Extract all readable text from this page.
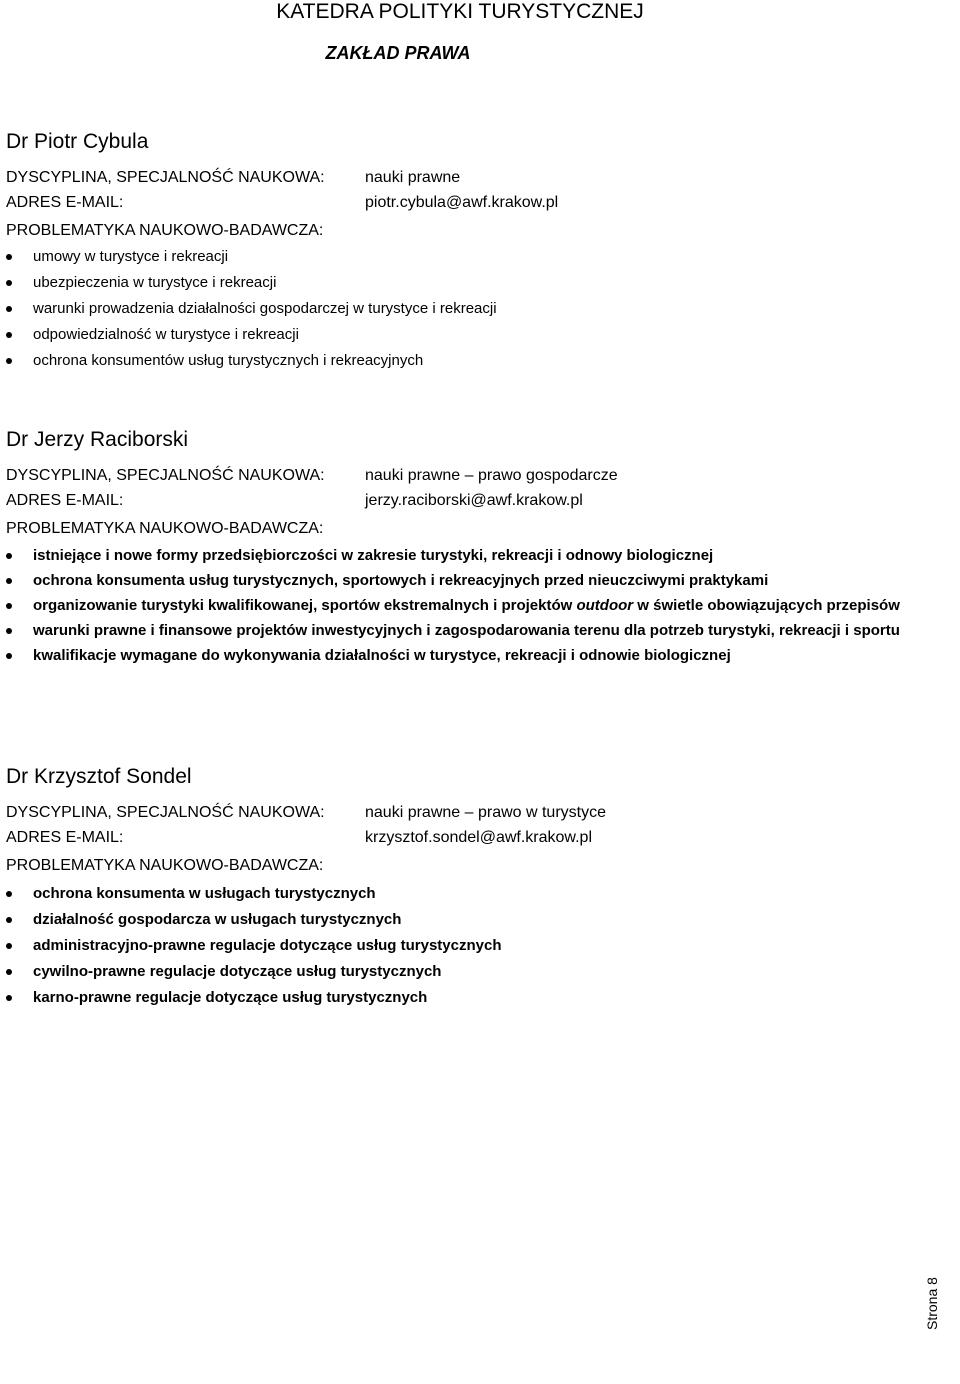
KATEDRA POLITYKI TURYSTYCZNEJ
ZAKŁAD PRAWA
Dr Piotr Cybula
DYSCYPLINA, SPECJALNOŚĆ NAUKOWA:	nauki prawne
ADRES E-MAIL:	piotr.cybula@awf.krakow.pl
PROBLEMATYKA NAUKOWO-BADAWCZA:
umowy w turystyce i rekreacji
ubezpieczenia w turystyce i rekreacji
warunki prowadzenia działalności gospodarczej w turystyce i rekreacji
odpowiedzialność w turystyce i rekreacji
ochrona konsumentów usług turystycznych i rekreacyjnych
Dr Jerzy Raciborski
DYSCYPLINA, SPECJALNOŚĆ NAUKOWA:	nauki prawne – prawo gospodarcze
ADRES E-MAIL:	jerzy.raciborski@awf.krakow.pl
PROBLEMATYKA NAUKOWO-BADAWCZA:
istniejące i nowe formy przedsiębiorczości w zakresie turystyki, rekreacji i odnowy biologicznej
ochrona konsumenta usług turystycznych, sportowych i rekreacyjnych przed nieuczciwymi praktykami
organizowanie turystyki kwalifikowanej, sportów ekstremalnych i projektów outdoor w świetle obowiązujących przepisów
warunki prawne i finansowe projektów inwestycyjnych i zagospodarowania terenu dla potrzeb turystyki, rekreacji i sportu
kwalifikacje wymagane do wykonywania działalności w turystyce, rekreacji i odnowie biologicznej
Dr Krzysztof Sondel
DYSCYPLINA, SPECJALNOŚĆ NAUKOWA:	nauki prawne – prawo w turystyce
ADRES E-MAIL:	krzysztof.sondel@awf.krakow.pl
PROBLEMATYKA NAUKOWO-BADAWCZA:
ochrona konsumenta w usługach turystycznych
działalność gospodarcza w usługach turystycznych
administracyjno-prawne regulacje dotyczące usług turystycznych
cywilno-prawne regulacje dotyczące usług turystycznych
karno-prawne regulacje dotyczące usług turystycznych
Strona 8
